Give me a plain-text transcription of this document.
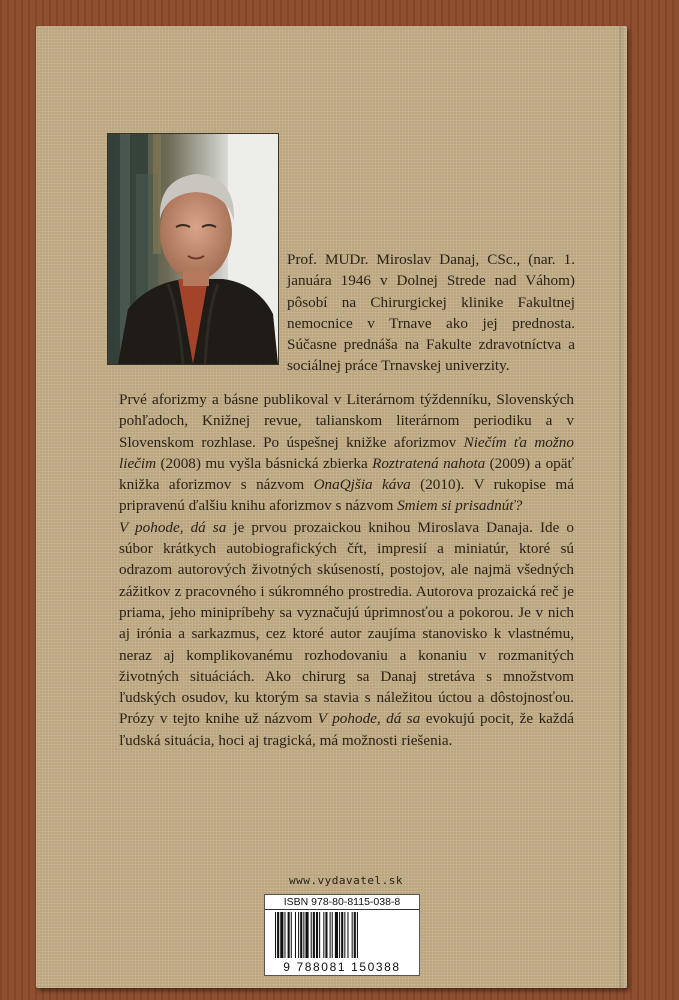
Prof. MUDr. Miroslav Danaj, CSc., (nar. 1. januára 1946 v Dolnej Strede nad Váhom) pôsobí na Chirurgickej klinike Fakultnej nemocnice v Trnave ako jej prednosta. Súčasne prednáša na Fakulte zdravotníctva a sociálnej práce Trnavskej univerzity.

Prvé aforizmy a básne publikoval v Literárnom týždenníku, Slovenských pohľadoch, Knižnej revue, talianskom literárnom periodiku a v Slovenskom rozhlase. Po úspešnej knižke aforizmov Niečím ťa možno liečim (2008) mu vyšla básnická zbierka Roztratená nahota (2009) a opäť knižka aforizmov s názvom OnaQjšia káva (2010). V rukopise má pripravenú ďalšiu knihu aforizmov s názvom Smiem si prisadnúť?

V pohode, dá sa je prvou prozaickou knihou Miroslava Danaja. Ide o súbor krátkych autobiografických čŕt, impresií a miniatúr, ktoré sú odrazom autorových životných skúseností, postojov, ale najmä všedných zážitkov z pracovného i súkromného prostredia. Autorova prozaická reč je priama, jeho minipríbehy sa vyznačujú úprimnosťou a pokorou. Je v nich aj irónia a sarkazmus, cez ktoré autor zaujíma stanovisko k vlastnému, neraz aj komplikovanému rozhodovaniu a konaniu v rozmanitých životných situáciách. Ako chirurg sa Danaj stretáva s množstvom ľudských osudov, ku ktorým sa stavia s náležitou úctou a dôstojnosťou. Prózy v tejto knihe už názvom V pohode, dá sa evokujú pocit, že každá ľudská situácia, hoci aj tragická, má možnosti riešenia.

www.vydavatel.sk
ISBN 978-80-8115-038-8
9 788081 150388
